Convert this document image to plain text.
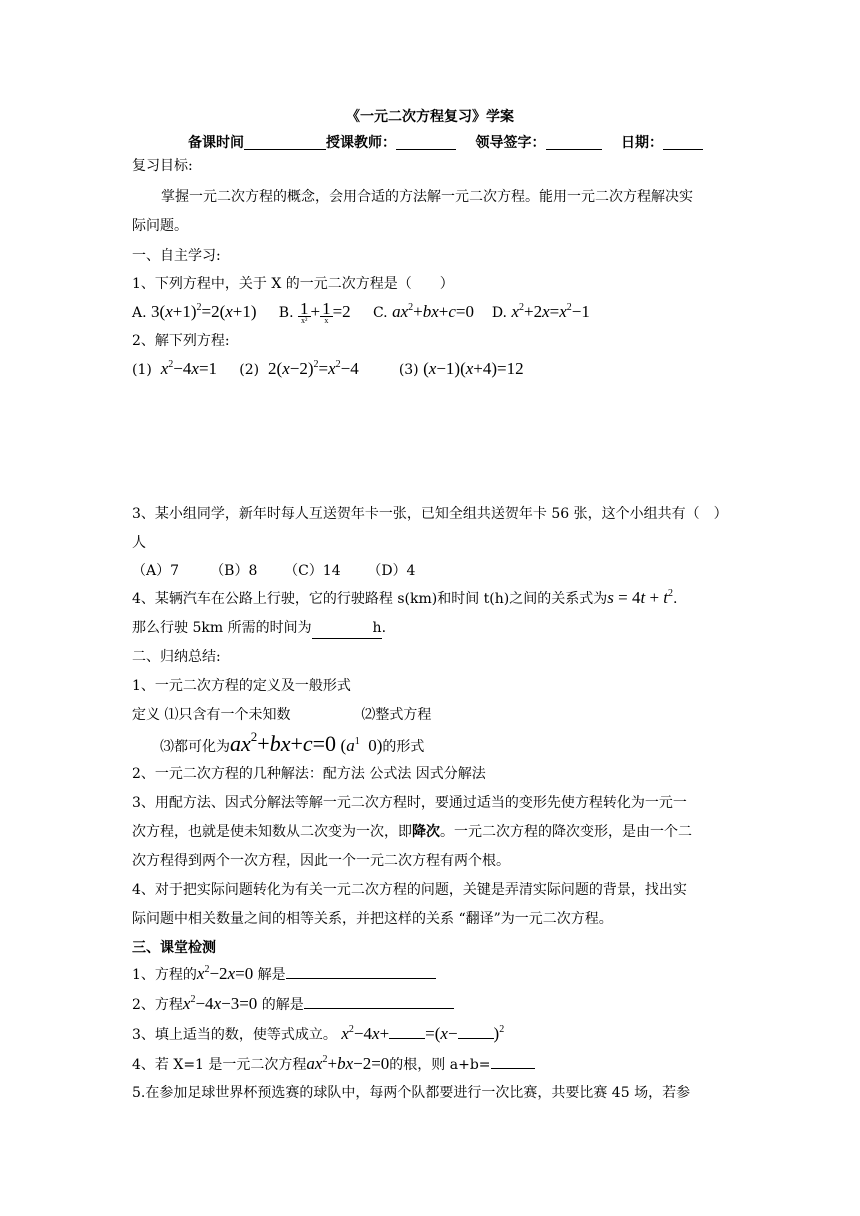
《一元二次方程复习》学案
备课时间	授课教师：	领导签字：	日期：
复习目标:
掌握一元二次方程的概念，会用合适的方法解一元二次方程。能用一元二次方程解决实
际问题。
一、自主学习:
1、下列方程中，关于 X 的一元二次方程是（　　）
A. $3(x+1)^2=2(x+1)$ B. $\frac{1}{\text{x²}} + \frac{1}{x} =2$ C. $ax^2+bx+c=0$ D. $x^2+2x=x^2-1$
2、解下列方程:
(1) $x^2-4x=1$ (2) $2(x-2)^2=x^2-4$	(3) (x−1)(x+4)=12
3、某小组同学，新年时每人互送贺年卡一张，已知全组共送贺年卡 56 张，这个小组共有（　）
人
（A）7 （B）8 （C）14 （D）4
4、某辆汽车在公路上行驶，它的行驶路程 s(km)和时间 t(h)之间的关系式为$s = 4t + t^2$.
那么行驶 5km 所需的时间为	h.
二、归纳总结:
1、一元二次方程的定义及一般形式
定义 ⑴只含有一个未知数	⑵整式方程
⑶都可化为$ax^2+bx+c=0$ ($a^1$  0)的形式
2、一元二次方程的几种解法：配方法 公式法 因式分解法
3、用配方法、因式分解法等解一元二次方程时，要通过适当的变形先使方程转化为一元一
次方程，也就是使未知数从二次变为一次，即降次。一元二次方程的降次变形，是由一个二
次方程得到两个一次方程，因此一个一元二次方程有两个根。
4、对于把实际问题转化为有关一元二次方程的问题，关键是弄清实际问题的背景，找出实
际问题中相关数量之间的相等关系，并把这样的关系 “翻译”为一元二次方程。
三、课堂检测
1、方程的$x^2-2x=0$ 解是
2、方程$x^2-4x-3=0$ 的解是
3、填上适当的数，使等式成立。 $x^2-4x+ =(x- )^2$
4、若 X=1 是一元二次方程$ax^2+bx-2=0$的根，则 a+b=
5.在参加足球世界杯预选赛的球队中，每两个队都要进行一次比赛，共要比赛 45 场，若参
